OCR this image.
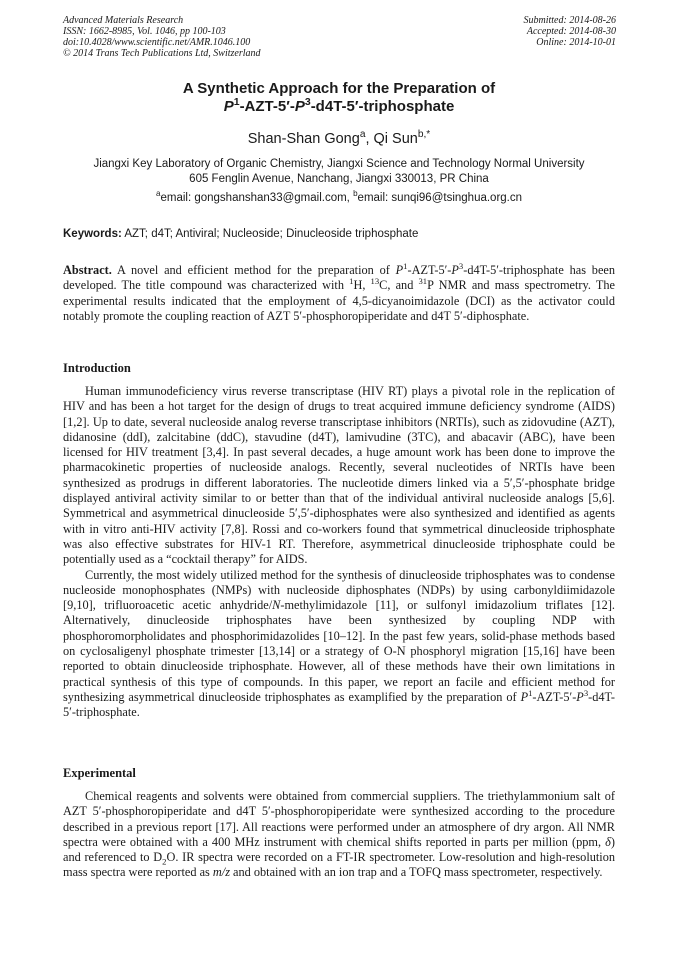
Advanced Materials Research
ISSN: 1662-8985, Vol. 1046, pp 100-103
doi:10.4028/www.scientific.net/AMR.1046.100
© 2014 Trans Tech Publications Ltd, Switzerland
Submitted: 2014-08-26
Accepted: 2014-08-30
Online: 2014-10-01
A Synthetic Approach for the Preparation of
$P^1-AZT-5'-P^3-d4T-5'$-triphosphate
Shan-Shan Gong$^a$, Qi Sun$^{b,*}$
Jiangxi Key Laboratory of Organic Chemistry, Jiangxi Science and Technology Normal University
605 Fenglin Avenue, Nanchang, Jiangxi 330013, PR China
$^a$email: gongshanshan33@gmail.com, $^b$email: sunqi96@tsinghua.org.cn
Keywords: AZT; d4T; Antiviral; Nucleoside; Dinucleoside triphosphate

Abstract. A novel and efficient method for the preparation of $P^1-AZT-5'-P^3-d4T-5'$-triphosphate has been developed. The title compound was characterized with $^1$H, $^{13}$C, and $^{31}$P NMR and mass spectrometry. The experimental results indicated that the employment of 4,5-dicyanoimidazole (DCI) as the activator could notably promote the coupling reaction of AZT 5′-phosphoropiperidate and d4T 5′-diphosphate.

Introduction

Human immunodeficiency virus reverse transcriptase (HIV RT) plays a pivotal role in the replication of HIV and has been a hot target for the design of drugs to treat acquired immune deficiency syndrome (AIDS) [1,2]. Up to date, several nucleoside analog reverse transcriptase inhibitors (NRTIs), such as zidovudine (AZT), didanosine (ddI), zalcitabine (ddC), stavudine (d4T), lamivudine (3TC), and abacavir (ABC), have been licensed for HIV treatment [3,4]. In past several decades, a huge amount work has been done to improve the pharmacokinetic properties of nucleoside analogs. Recently, several nucleotides of NRTIs have been synthesized as prodrugs in different laboratories. The nucleotide dimers linked via a 5′,5′-phosphate bridge displayed antiviral activity similar to or better than that of the individual antiviral nucleoside analogs [5,6]. Symmetrical and asymmetrical dinucleoside 5′,5′-diphosphates were also synthesized and identified as agents with in vitro anti-HIV activity [7,8]. Rossi and co-workers found that symmetrical dinucleoside triphosphate was also effective substrates for HIV-1 RT. Therefore, asymmetrical dinucleoside triphosphate could be potentially used as a “cocktail therapy” for AIDS.

Currently, the most widely utilized method for the synthesis of dinucleoside triphosphates was to condense nucleoside monophosphates (NMPs) with nucleoside diphosphates (NDPs) by using carbonyldiimidazole [9,10], trifluoroacetic acetic anhydride/N-methylimidazole [11], or sulfonyl imidazolium triflates [12]. Alternatively, dinucleoside triphosphates have been synthesized by coupling NDP with phosphoromorpholidates and phosphorimidazolides [10–12]. In the past few years, solid-phase methods based on cyclosaligenyl phosphate trimester [13,14] or a strategy of O-N phosphoryl migration [15,16] have been reported to obtain dinucleoside triphosphate. However, all of these methods have their own limitations in practical synthesis of this type of compounds. In this paper, we report an facile and efficient method for synthesizing asymmetrical dinucleoside triphosphates as examplified by the preparation of $P^1-AZT-5'-P^3-d4T-5'$-triphosphate.

Experimental

Chemical reagents and solvents were obtained from commercial suppliers. The triethylammonium salt of AZT 5′-phosphoropiperidate and d4T 5′-phosphoropiperidate were synthesized according to the procedure described in a previous report [17]. All reactions were performed under an atmosphere of dry argon. All NMR spectra were obtained with a 400 MHz instrument with chemical shifts reported in parts per million (ppm, δ) and referenced to $D_2O$. IR spectra were recorded on a FT-IR spectrometer. Low-resolution and high-resolution mass spectra were reported as m/z and obtained with an ion trap and a TOFQ mass spectrometer, respectively.
